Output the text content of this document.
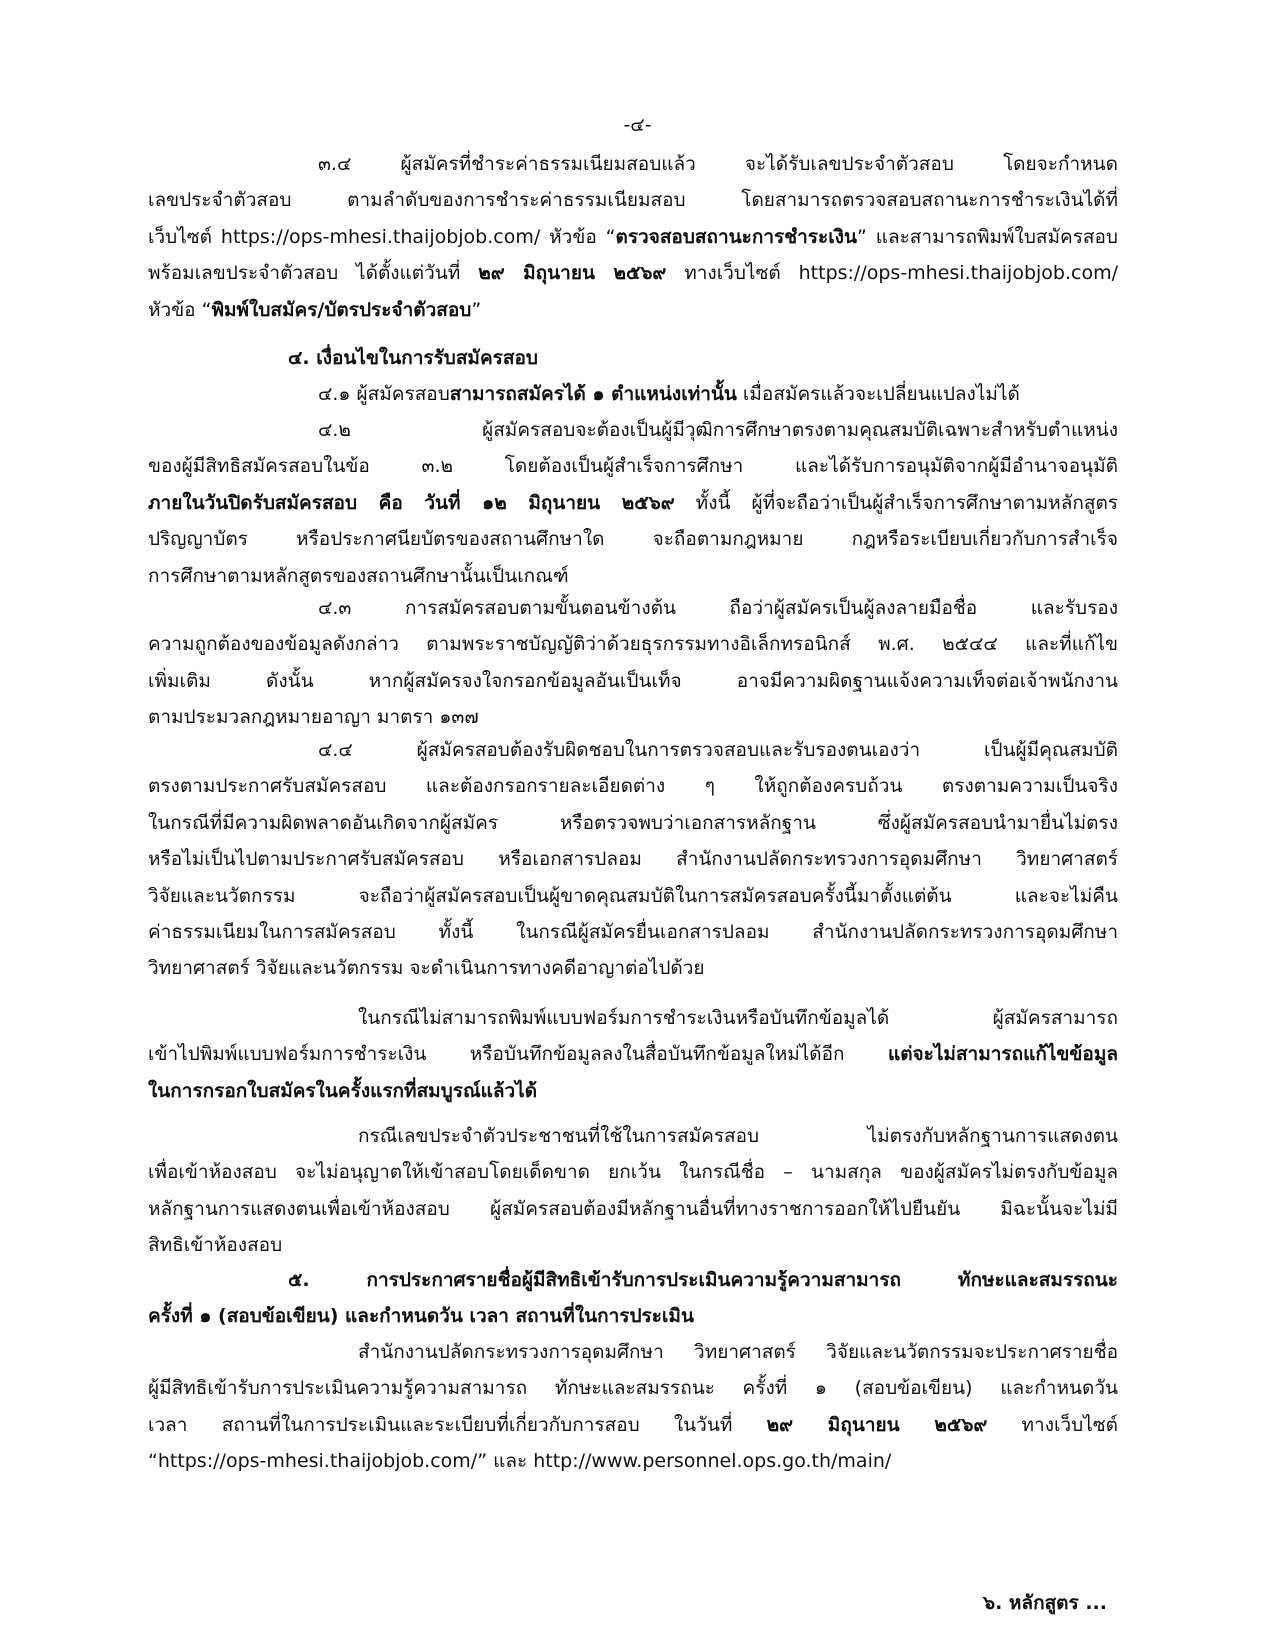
-๔-
๓.๔ ผู้สมัครที่ชำระค่าธรรมเนียมสอบแล้ว จะได้รับเลขประจำตัวสอบ โดยจะกำหนด
เลขประจำตัวสอบ ตามลำดับของการชำระค่าธรรมเนียมสอบ โดยสามารถตรวจสอบสถานะการชำระเงินได้ที่
เว็บไซต์ https://ops-mhesi.thaijobjob.com/ หัวข้อ “ตรวจสอบสถานะการชำระเงิน” และสามารถพิมพ์ใบสมัครสอบ
พร้อมเลขประจำตัวสอบ ได้ตั้งแต่วันที่ ๒๙ มิถุนายน ๒๕๖๙ ทางเว็บไซต์ https://ops-mhesi.thaijobjob.com/
หัวข้อ “พิมพ์ใบสมัคร/บัตรประจำตัวสอบ”
๔. เงื่อนไขในการรับสมัครสอบ
๔.๑ ผู้สมัครสอบสามารถสมัครได้ ๑ ตำแหน่งเท่านั้น เมื่อสมัครแล้วจะเปลี่ยนแปลงไม่ได้
๔.๒ ผู้สมัครสอบจะต้องเป็นผู้มีวุฒิการศึกษาตรงตามคุณสมบัติเฉพาะสำหรับตำแหน่ง
ของผู้มีสิทธิสมัครสอบในข้อ ๓.๒ โดยต้องเป็นผู้สำเร็จการศึกษา และได้รับการอนุมัติจากผู้มีอำนาจอนุมัติ
ภายในวันปิดรับสมัครสอบ คือ วันที่ ๑๒ มิถุนายน ๒๕๖๙ ทั้งนี้ ผู้ที่จะถือว่าเป็นผู้สำเร็จการศึกษาตามหลักสูตร
ปริญญาบัตร หรือประกาศนียบัตรของสถานศึกษาใด จะถือตามกฎหมาย กฎหรือระเบียบเกี่ยวกับการสำเร็จ
การศึกษาตามหลักสูตรของสถานศึกษานั้นเป็นเกณฑ์
๔.๓ การสมัครสอบตามขั้นตอนข้างต้น ถือว่าผู้สมัครเป็นผู้ลงลายมือชื่อ และรับรอง
ความถูกต้องของข้อมูลดังกล่าว ตามพระราชบัญญัติว่าด้วยธุรกรรมทางอิเล็กทรอนิกส์ พ.ศ. ๒๕๔๔ และที่แก้ไข
เพิ่มเติม ดังนั้น หากผู้สมัครจงใจกรอกข้อมูลอันเป็นเท็จ อาจมีความผิดฐานแจ้งความเท็จต่อเจ้าพนักงาน
ตามประมวลกฎหมายอาญา มาตรา ๑๓๗
๔.๔ ผู้สมัครสอบต้องรับผิดชอบในการตรวจสอบและรับรองตนเองว่า เป็นผู้มีคุณสมบัติ
ตรงตามประกาศรับสมัครสอบ และต้องกรอกรายละเอียดต่าง ๆ ให้ถูกต้องครบถ้วน ตรงตามความเป็นจริง
ในกรณีที่มีความผิดพลาดอันเกิดจากผู้สมัคร หรือตรวจพบว่าเอกสารหลักฐาน ซึ่งผู้สมัครสอบนำมายื่นไม่ตรง
หรือไม่เป็นไปตามประกาศรับสมัครสอบ หรือเอกสารปลอม สำนักงานปลัดกระทรวงการอุดมศึกษา วิทยาศาสตร์
วิจัยและนวัตกรรม จะถือว่าผู้สมัครสอบเป็นผู้ขาดคุณสมบัติในการสมัครสอบครั้งนี้มาตั้งแต่ต้น และจะไม่คืน
ค่าธรรมเนียมในการสมัครสอบ ทั้งนี้ ในกรณีผู้สมัครยื่นเอกสารปลอม สำนักงานปลัดกระทรวงการอุดมศึกษา
วิทยาศาสตร์ วิจัยและนวัตกรรม จะดำเนินการทางคดีอาญาต่อไปด้วย
ในกรณีไม่สามารถพิมพ์แบบฟอร์มการชำระเงินหรือบันทึกข้อมูลได้ ผู้สมัครสามารถ
เข้าไปพิมพ์แบบฟอร์มการชำระเงิน หรือบันทึกข้อมูลลงในสื่อบันทึกข้อมูลใหม่ได้อีก แต่จะไม่สามารถแก้ไขข้อมูล
ในการกรอกใบสมัครในครั้งแรกที่สมบูรณ์แล้วได้
กรณีเลขประจำตัวประชาชนที่ใช้ในการสมัครสอบ ไม่ตรงกับหลักฐานการแสดงตน
เพื่อเข้าห้องสอบ จะไม่อนุญาตให้เข้าสอบโดยเด็ดขาด ยกเว้น ในกรณีชื่อ – นามสกุล ของผู้สมัครไม่ตรงกับข้อมูล
หลักฐานการแสดงตนเพื่อเข้าห้องสอบ ผู้สมัครสอบต้องมีหลักฐานอื่นที่ทางราชการออกให้ไปยืนยัน มิฉะนั้นจะไม่มี
สิทธิเข้าห้องสอบ
๕. การประกาศรายชื่อผู้มีสิทธิเข้ารับการประเมินความรู้ความสามารถ ทักษะและสมรรถนะ
ครั้งที่ ๑ (สอบข้อเขียน) และกำหนดวัน เวลา สถานที่ในการประเมิน
สำนักงานปลัดกระทรวงการอุดมศึกษา วิทยาศาสตร์ วิจัยและนวัตกรรมจะประกาศรายชื่อ
ผู้มีสิทธิเข้ารับการประเมินความรู้ความสามารถ ทักษะและสมรรถนะ ครั้งที่ ๑ (สอบข้อเขียน) และกำหนดวัน
เวลา สถานที่ในการประเมินและระเบียบที่เกี่ยวกับการสอบ ในวันที่ ๒๙ มิถุนายน ๒๕๖๙ ทางเว็บไซต์
“https://ops-mhesi.thaijobjob.com/” และ http://www.personnel.ops.go.th/main/
๖. หลักสูตร ...
